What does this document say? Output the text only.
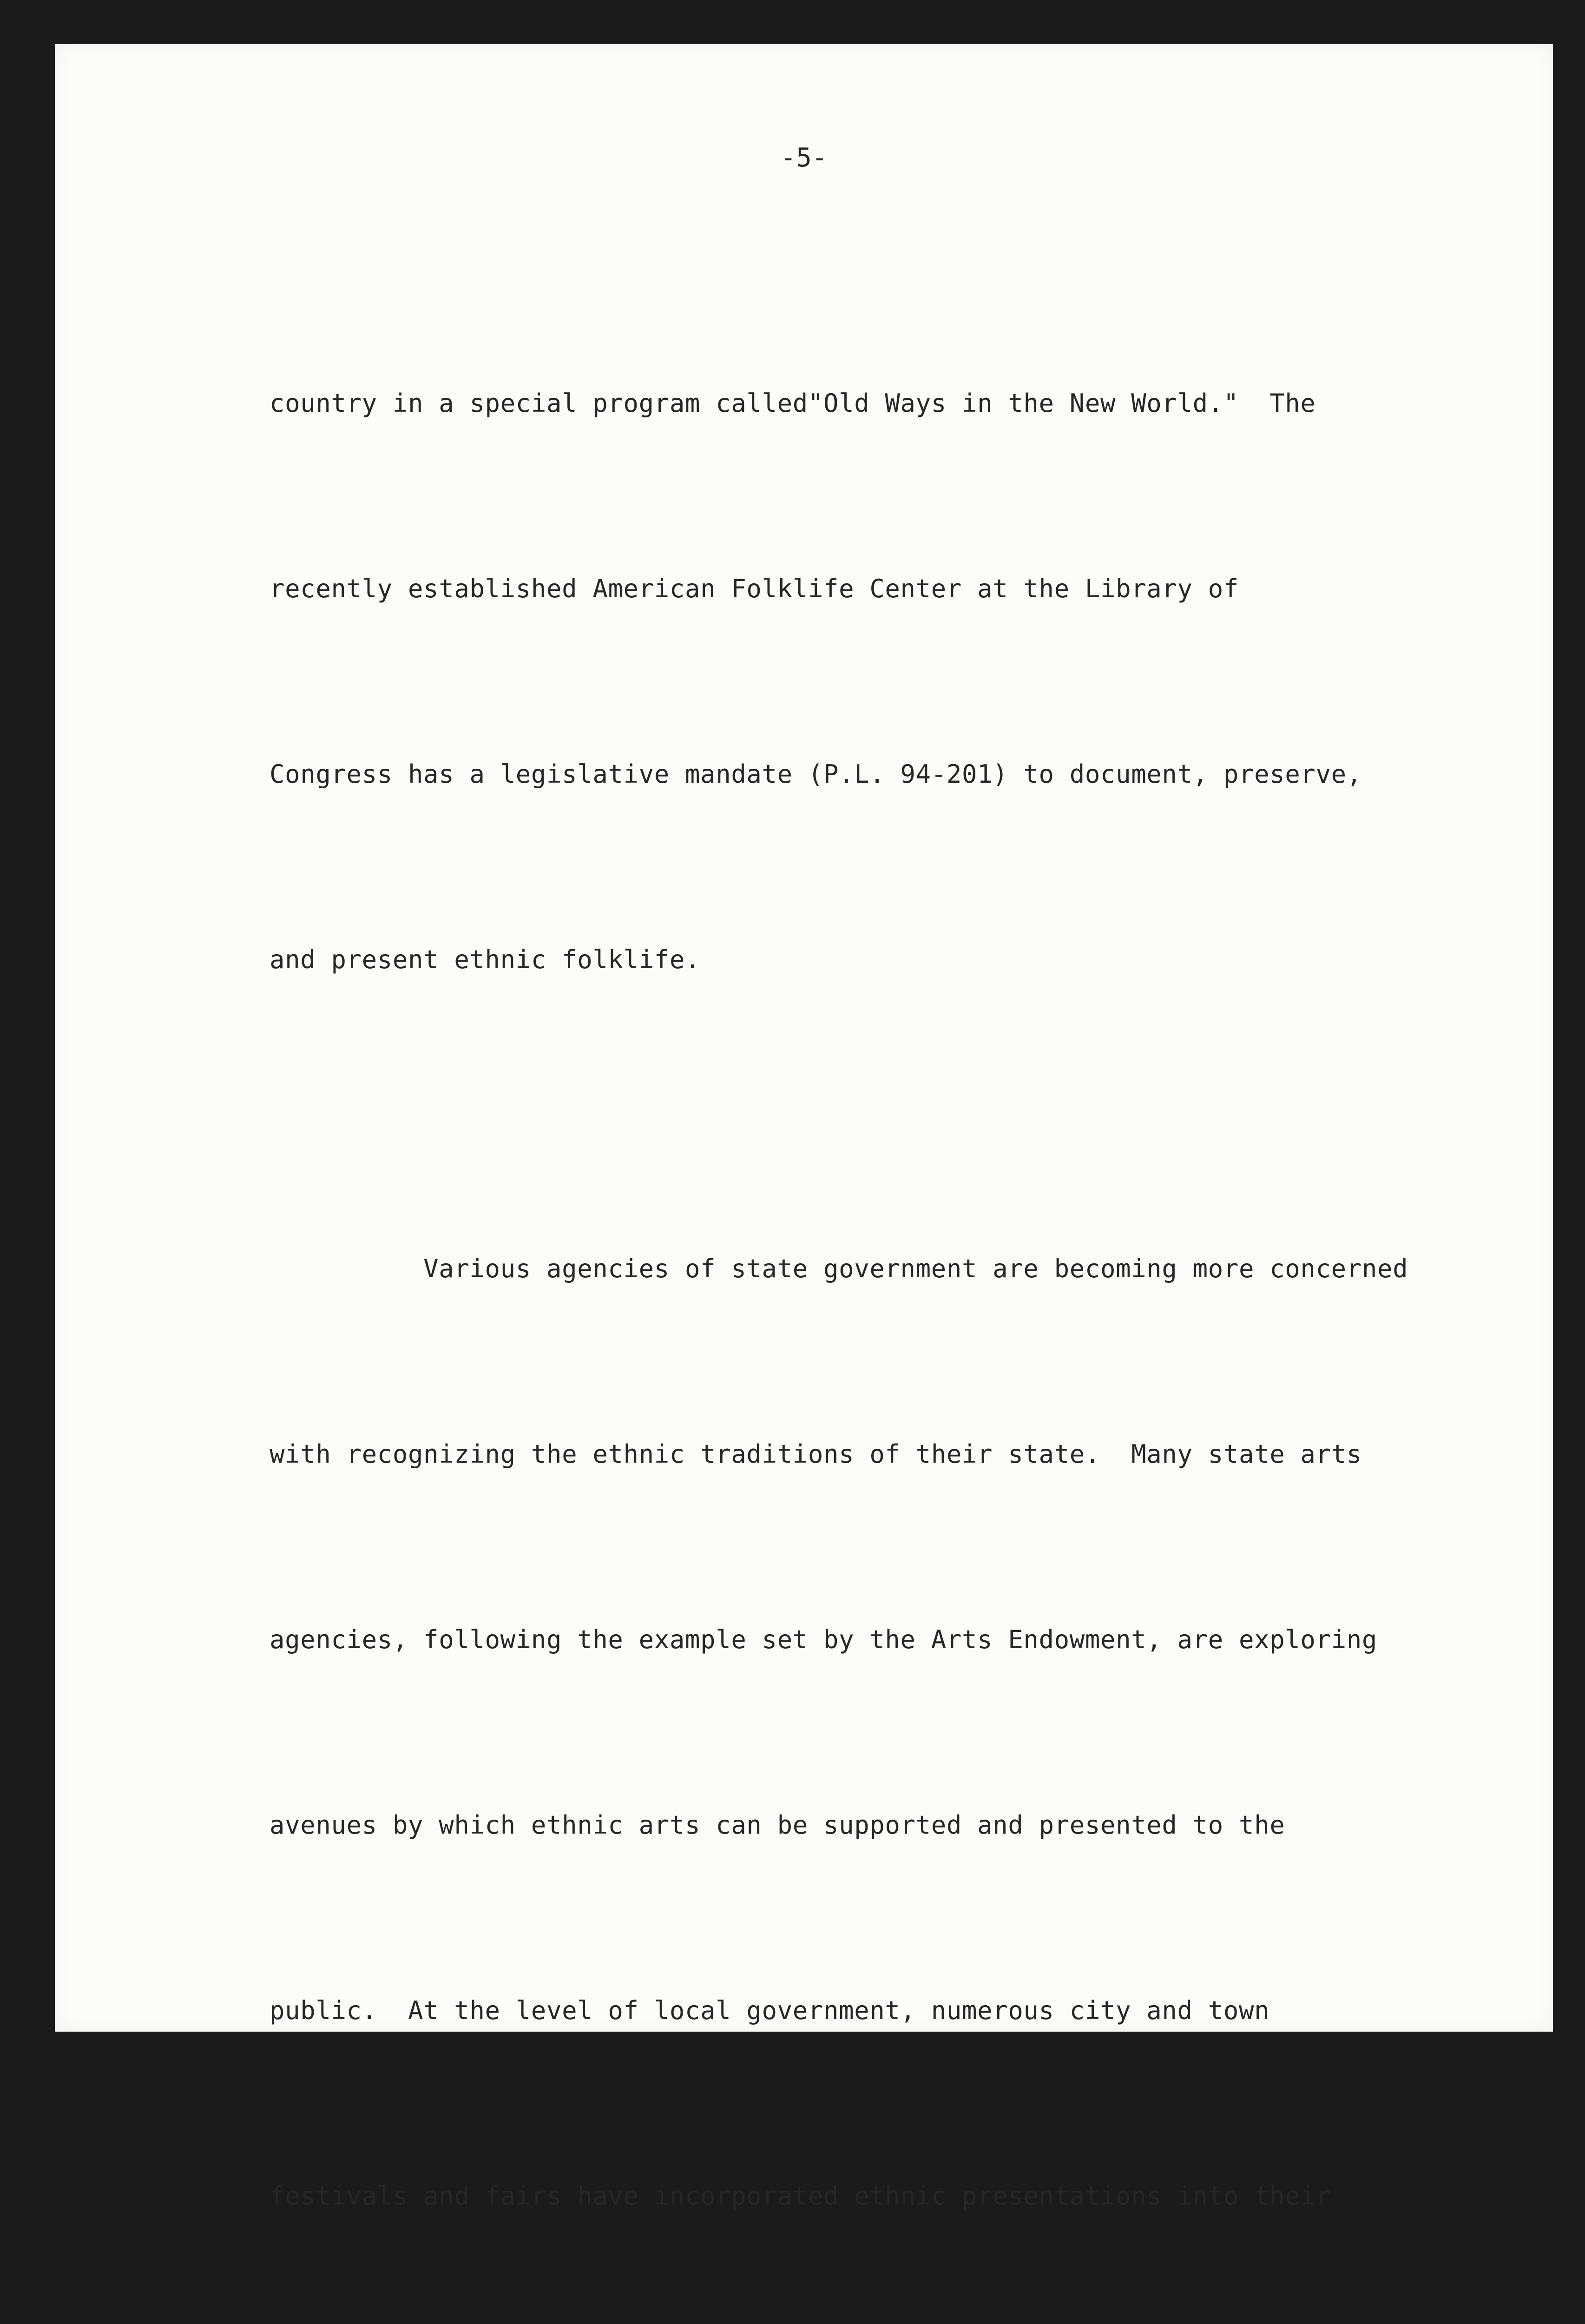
-5-

country in a special program called"Old Ways in the New World."  The

recently established American Folklife Center at the Library of

Congress has a legislative mandate (P.L. 94-201) to document, preserve,

and present ethnic folklife.

Various agencies of state government are becoming more concerned

with recognizing the ethnic traditions of their state.  Many state arts

agencies, following the example set by the Arts Endowment, are exploring

avenues by which ethnic arts can be supported and presented to the

public.  At the level of local government, numerous city and town

festivals and fairs have incorporated ethnic presentations into their
